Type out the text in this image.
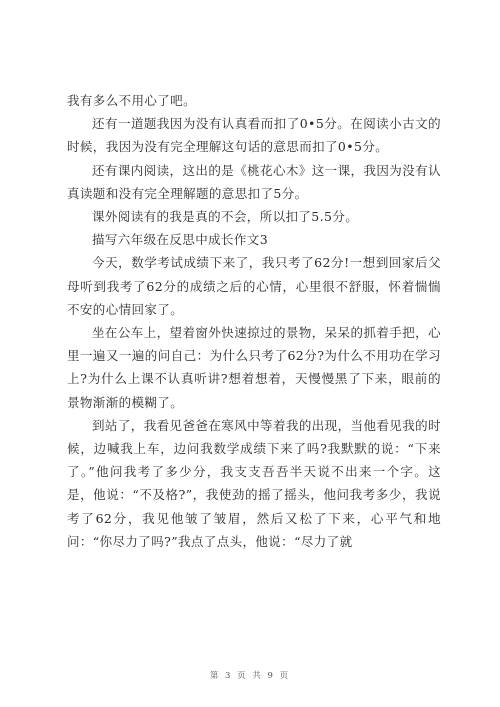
我有多么不用心了吧。

还有一道题我因为没有认真看而扣了0•5分。在阅读小古文的时候，我因为没有完全理解这句话的意思而扣了0•5分。

还有课内阅读，这出的是《桃花心木》这一课，我因为没有认真读题和没有完全理解题的意思扣了5分。

课外阅读有的我是真的不会，所以扣了5.5分。

描写六年级在反思中成长作文3

今天，数学考试成绩下来了，我只考了62分!一想到回家后父母听到我考了62分的成绩之后的心情，心里很不舒服，怀着惴惴不安的心情回家了。

坐在公车上，望着窗外快速掠过的景物，呆呆的抓着手把，心里一遍又一遍的问自己：为什么只考了62分?为什么不用功在学习上?为什么上课不认真听讲?想着想着，天慢慢黑了下来，眼前的景物渐渐的模糊了。

到站了，我看见爸爸在寒风中等着我的出现，当他看见我的时候，边喊我上车，边问我数学成绩下来了吗?我默默的说：“下来了。”他问我考了多少分，我支支吾吾半天说不出来一个字。这是，他说：“不及格?”，我使劲的摇了摇头，他问我考多少，我说考了62分，我见他皱了皱眉，然后又松了下来，心平气和地问：“你尽力了吗?”我点了点头，他说：“尽力了就

第 3 页 共 9 页
